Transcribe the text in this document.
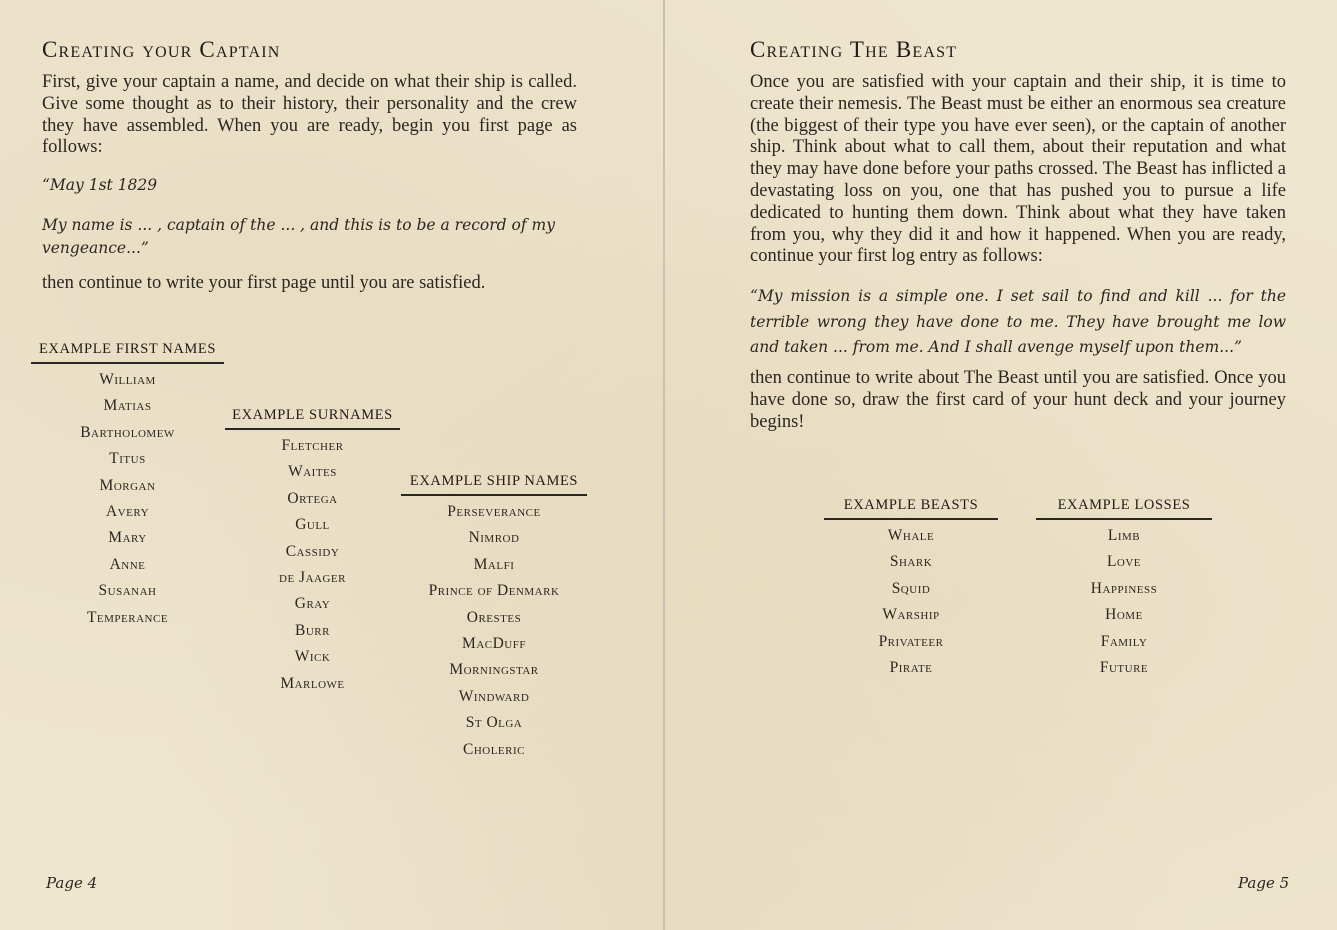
Creating your Captain

First, give your captain a name, and decide on what their ship is called. Give some thought as to their history, their personality and the crew they have assembled. When you are ready, begin you first page as follows:

“May 1st 1829

My name is ... , captain of the ... , and this is to be a record of my vengeance...”

then continue to write your first page until you are satisfied.

EXAMPLE FIRST NAMES
William
Matias
Bartholomew
Titus
Morgan
Avery
Mary
Anne
Susanah
Temperance
EXAMPLE SURNAMES
Fletcher
Waites
Ortega
Gull
Cassidy
de Jaager
Gray
Burr
Wick
Marlowe
EXAMPLE SHIP NAMES
Perseverance
Nimrod
Malfi
Prince of Denmark
Orestes
MacDuff
Morningstar
Windward
St Olga
Choleric
Page 4
Creating The Beast

Once you are satisfied with your captain and their ship, it is time to create their nemesis. The Beast must be either an enormous sea creature (the biggest of their type you have ever seen), or the captain of another ship. Think about what to call them, about their reputation and what they may have done before your paths crossed. The Beast has inflicted a devastating loss on you, one that has pushed you to pursue a life dedicated to hunting them down. Think about what they have taken from you, why they did it and how it happened. When you are ready, continue your first log entry as follows:

“My mission is a simple one. I set sail to find and kill ... for the terrible wrong they have done to me. They have brought me low and taken ... from me. And I shall avenge myself upon them...”

then continue to write about The Beast until you are satisfied. Once you have done so, draw the first card of your hunt deck and your journey begins!

EXAMPLE BEASTS
Whale
Shark
Squid
Warship
Privateer
Pirate
EXAMPLE LOSSES
Limb
Love
Happiness
Home
Family
Future
Page 5
